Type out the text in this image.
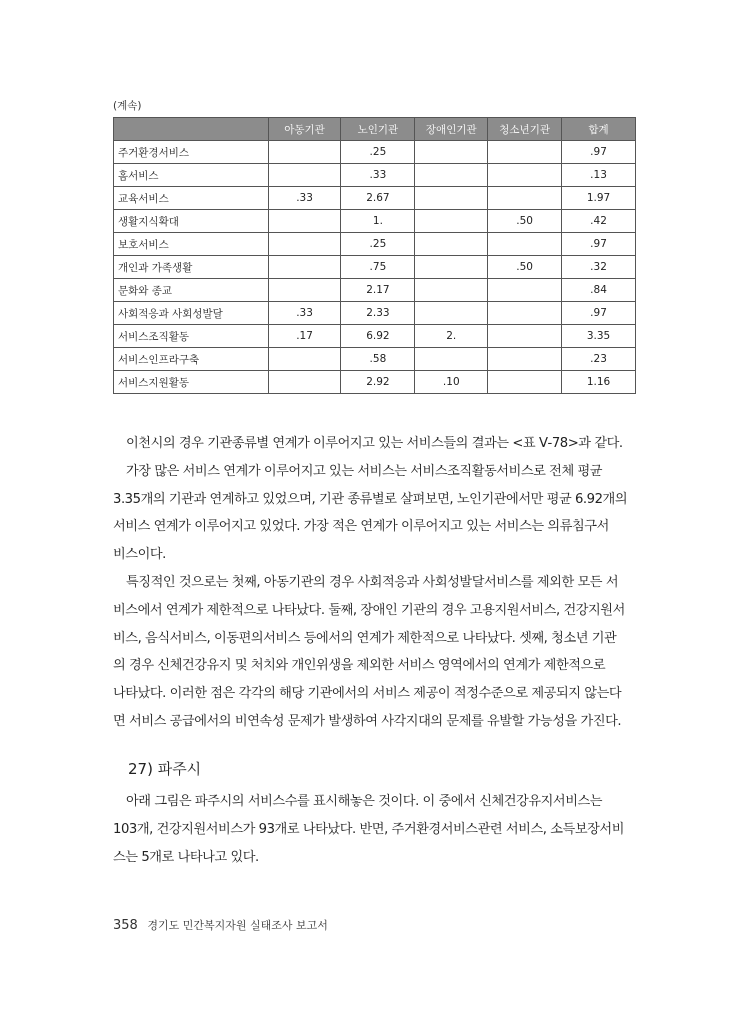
(계속)
	아동기관	노인기관	장애인기관	청소년기관	합계
주거환경서비스		.25			.97
홈서비스		.33			.13
교육서비스	.33	2.67			1.97
생활지식확대		1.		.50	.42
보호서비스		.25			.97
개인과 가족생활		.75		.50	.32
문화와 종교		2.17			.84
사회적응과 사회성발달	.33	2.33			.97
서비스조직활동	.17	6.92	2.		3.35
서비스인프라구축		.58			.23
서비스지원활동		2.92	.10		1.16
이천시의 경우 기관종류별 연계가 이루어지고 있는 서비스들의 결과는 <표 Ⅴ-78>과 같다.
가장 많은 서비스 연계가 이루어지고 있는 서비스는 서비스조직활동서비스로 전체 평균
3.35개의 기관과 연계하고 있었으며, 기관 종류별로 살펴보면, 노인기관에서만 평균 6.92개의
서비스 연계가 이루어지고 있었다. 가장 적은 연계가 이루어지고 있는 서비스는 의류침구서
비스이다.
특징적인 것으로는 첫째, 아동기관의 경우 사회적응과 사회성발달서비스를 제외한 모든 서
비스에서 연계가 제한적으로 나타났다. 둘째, 장애인 기관의 경우 고용지원서비스, 건강지원서
비스, 음식서비스, 이동편의서비스 등에서의 연계가 제한적으로 나타났다. 셋째, 청소년 기관
의 경우 신체건강유지 및 처치와 개인위생을 제외한 서비스 영역에서의 연계가 제한적으로
나타났다. 이러한 점은 각각의 해당 기관에서의 서비스 제공이 적정수준으로 제공되지 않는다
면 서비스 공급에서의 비연속성 문제가 발생하여 사각지대의 문제를 유발할 가능성을 가진다.
27) 파주시
아래 그림은 파주시의 서비스수를 표시해놓은 것이다. 이 중에서 신체건강유지서비스는
103개, 건강지원서비스가 93개로 나타났다. 반면, 주거환경서비스관련 서비스, 소득보장서비
스는 5개로 나타나고 있다.
358 경기도 민간복지자원 실태조사 보고서
